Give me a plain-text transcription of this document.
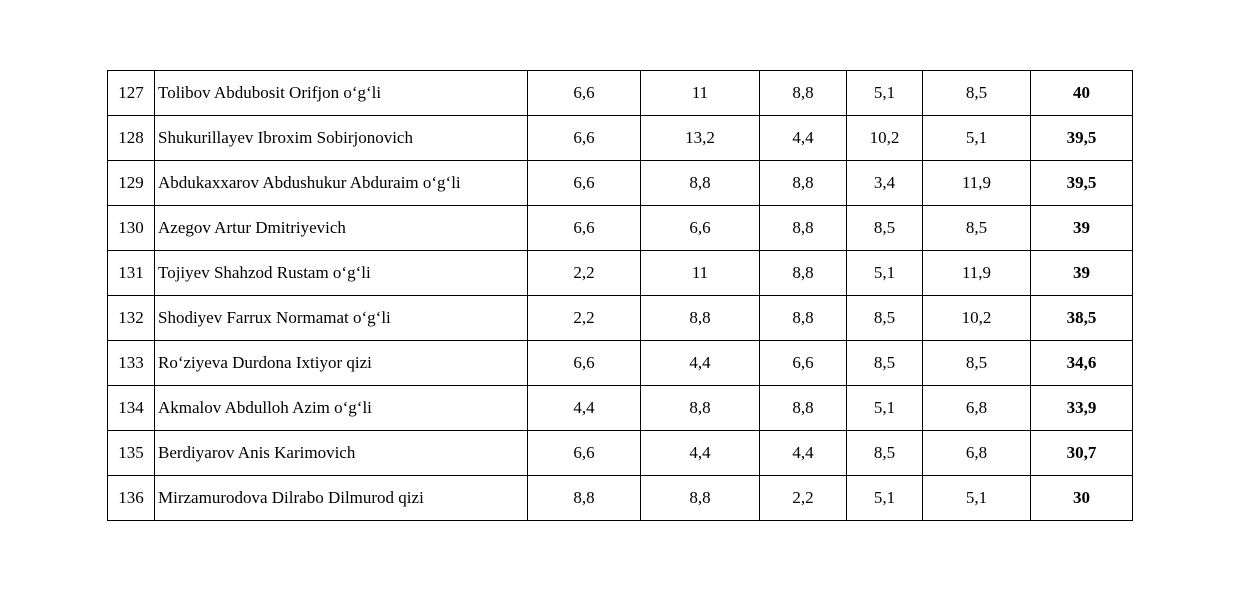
127	Tolibov Abdubosit Orifjon o‘g‘li	6,6	11	8,8	5,1	8,5	40
128	Shukurillayev Ibroxim Sobirjonovich	6,6	13,2	4,4	10,2	5,1	39,5
129	Abdukaxxarov Abdushukur Abduraim o‘g‘li	6,6	8,8	8,8	3,4	11,9	39,5
130	Azegov Artur Dmitriyevich	6,6	6,6	8,8	8,5	8,5	39
131	Tojiyev Shahzod Rustam o‘g‘li	2,2	11	8,8	5,1	11,9	39
132	Shodiyev Farrux Normamat o‘g‘li	2,2	8,8	8,8	8,5	10,2	38,5
133	Ro‘ziyeva Durdona Ixtiyor qizi	6,6	4,4	6,6	8,5	8,5	34,6
134	Akmalov Abdulloh Azim o‘g‘li	4,4	8,8	8,8	5,1	6,8	33,9
135	Berdiyarov Anis Karimovich	6,6	4,4	4,4	8,5	6,8	30,7
136	Mirzamurodova Dilrabo Dilmurod qizi	8,8	8,8	2,2	5,1	5,1	30
